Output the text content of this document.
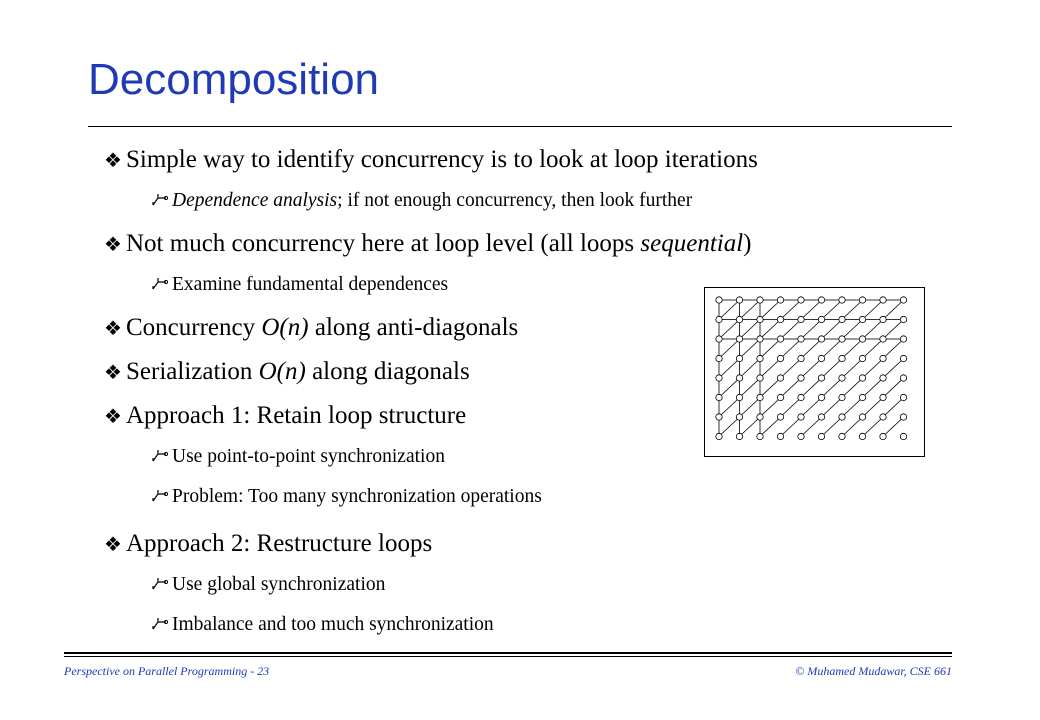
Decomposition
❖ Simple way to identify concurrency is to look at loop iterations
Dependence analysis; if not enough concurrency, then look further
❖ Not much concurrency here at loop level (all loops sequential)
Examine fundamental dependences
❖ Concurrency O(n) along anti-diagonals
❖ Serialization O(n) along diagonals
❖ Approach 1: Retain loop structure
Use point-to-point synchronization
Problem: Too many synchronization operations
❖ Approach 2: Restructure loops
Use global synchronization
Imbalance and too much synchronization
Perspective on Parallel Programming - 23	© Muhamed Mudawar, CSE 661
